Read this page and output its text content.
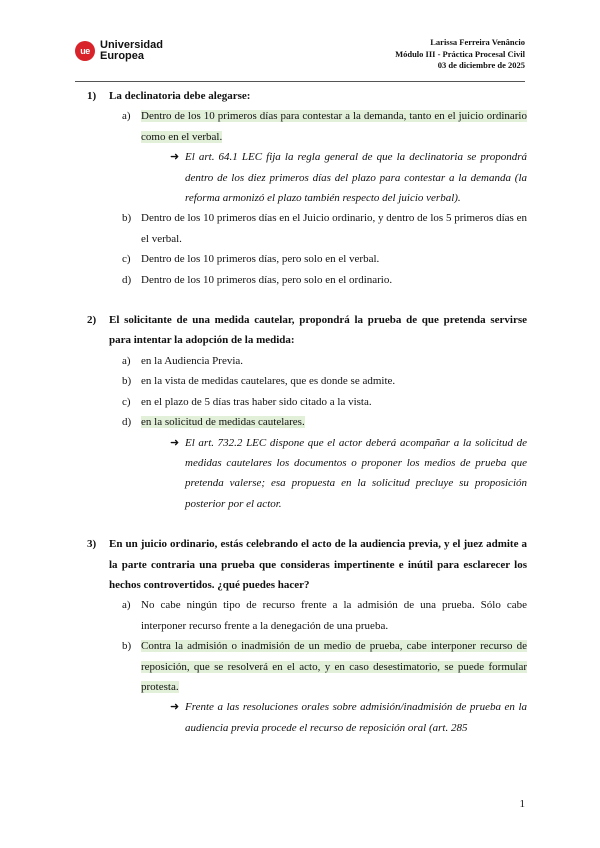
ue Universidad
Europea
Larissa Ferreira Venâncio
Módulo III - Práctica Procesal Civil
03 de diciembre de 2025
1)	La declinatoria debe alegarse:
a) Dentro de los 10 primeros días para contestar a la demanda, tanto en el juicio ordinario como en el verbal.
➜ El art. 64.1 LEC fija la regla general de que la declinatoria se propondrá dentro de los diez primeros días del plazo para contestar a la demanda (la reforma armonizó el plazo también respecto del juicio verbal).
b) Dentro de los 10 primeros días en el Juicio ordinario, y dentro de los 5 primeros días en el verbal.
c) Dentro de los 10 primeros días, pero solo en el verbal.
d) Dentro de los 10 primeros días, pero solo en el ordinario.
2)	El solicitante de una medida cautelar, propondrá la prueba de que pretenda servirse para intentar la adopción de la medida:
a) en la Audiencia Previa.
b) en la vista de medidas cautelares, que es donde se admite.
c) en el plazo de 5 días tras haber sido citado a la vista.
d) en la solicitud de medidas cautelares.
➜ El art. 732.2 LEC dispone que el actor deberá acompañar a la solicitud de medidas cautelares los documentos o proponer los medios de prueba que pretenda valerse; esa propuesta en la solicitud precluye su proposición posterior por el actor.
3)	En un juicio ordinario, estás celebrando el acto de la audiencia previa, y el juez admite a la parte contraria una prueba que consideras impertinente e inútil para esclarecer los hechos controvertidos. ¿qué puedes hacer?
a) No cabe ningún tipo de recurso frente a la admisión de una prueba. Sólo cabe interponer recurso frente a la denegación de una prueba.
b) Contra la admisión o inadmisión de un medio de prueba, cabe interponer recurso de reposición, que se resolverá en el acto, y en caso desestimatorio, se puede formular protesta.
➜ Frente a las resoluciones orales sobre admisión/inadmisión de prueba en la audiencia previa procede el recurso de reposición oral (art. 285
1
